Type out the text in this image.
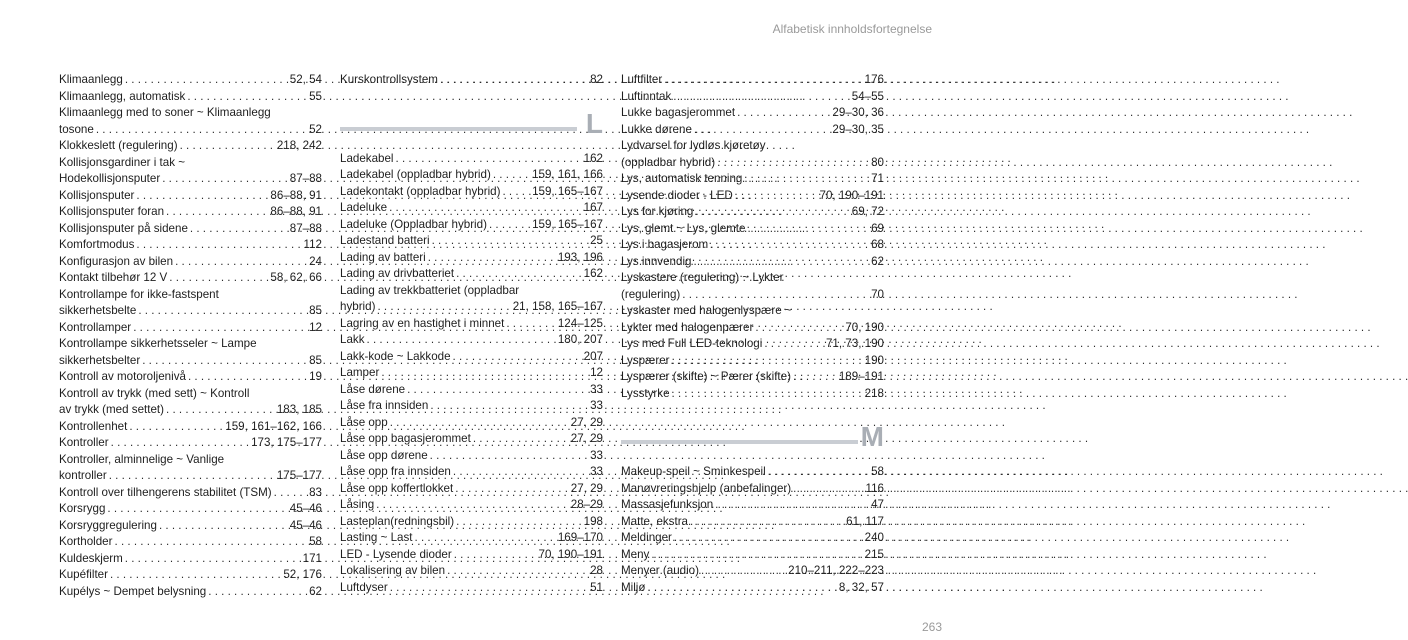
Alfabetisk innholdsfortegnelse
Klimaanlegg . . .	52, 54
Klimaanlegg, automatisk . . .	55
Klimaanlegg med to soner ~ Klimaanlegg
tosone . . .	52
Klokkeslett (regulering) . . .	218, 242
Kollisjonsgardiner i tak ~
Hodekollisjonsputer . . .	87–88
Kollisjonsputer . . .	86–88, 91
Kollisjonsputer foran . . .	86–88, 91
Kollisjonsputer på sidene . . .	87–88
Komfortmodus . . .	112
Konfigurasjon av bilen . . .	24
Kontakt tilbehør 12 V . . .	58, 62, 66
Kontrollampe for ikke-fastspent
sikkerhetsbelte . . .	85
Kontrollamper . . .	12
Kontrollampe sikkerhetsseler ~ Lampe
sikkerhetsbelter . . .	85
Kontroll av motoroljenivå . . .	19
Kontroll av trykk (med sett) ~ Kontroll
av trykk (med settet) . . .	183, 185
Kontrollenhet . . .	159, 161–162, 166
Kontroller . . .	173, 175–177
Kontroller, alminnelige ~ Vanlige
kontroller . . .	175–177
Kontroll over tilhengerens stabilitet (TSM) . . .	83
Korsrygg . . .	45–46
Korsryggregulering . . .	45–46
Kortholder . . .	58
Kuldeskjerm . . .	171
Kupéfilter . . .	52, 176
Kupélys ~ Dempet belysning . . .	62
Kurskontrollsystem . . .	82
L
Ladekabel . . .	162
Ladekabel (oppladbar hybrid) . . .	159, 161, 166
Ladekontakt (oppladbar hybrid) . . .	159, 165–167
Ladeluke . . .	167
Ladeluke (Oppladbar hybrid) . . .	159, 165–167
Ladestand batteri . . .	25
Lading av batteri . . .	193, 196
Lading av drivbatteriet . . .	162
Lading av trekkbatteriet (oppladbar
hybrid) . . .	21, 158, 165–167
Lagring av en hastighet i minnet . . .	124–125
Lakk . . .	180, 207
Lakk-kode ~ Lakkode . . .	207
Lamper . . .	12
Låse dørene . . .	33
Låse fra innsiden . . .	33
Låse opp . . .	27, 29
Låse opp bagasjerommet . . .	27, 29
Låse opp dørene . . .	33
Låse opp fra innsiden . . .	33
Låse opp koffertlokket . . .	27, 29
Låsing . . .	28–29
Lasteplan(redningsbil) . . .	198
Lasting ~ Last . . .	169–170
LED - Lysende dioder . . .	70, 190–191
Lokalisering av bilen . . .	28
Luftdyser . . .	51
Luftfilter . . .	176
Luftinntak . . .	54–55
Lukke bagasjerommet . . .	29–30, 36
Lukke dørene . . .	29–30, 35
Lydvarsel for lydløs kjøretøy
(oppladbar hybrid) . . .	80
Lys, automatisk tenning . . .	71
Lysende dioder - LED . . .	70, 190–191
Lys for kjøring . . .	69, 72
Lys, glemt ~ Lys, glemte . . .	69
Lys i bagasjerom . . .	68
Lys innvendig . . .	62
Lyskastere (regulering) ~ Lykter
(regulering) . . .	70
Lyskaster med halogenlyspære ~
Lykter med halogenpærer . . .	70, 190
Lys med Full LED-teknologi . . .	71, 73, 190
Lyspærer . . .	190
Lyspærer (skifte) ~ Pærer (skifte) . . .	189–191
Lysstyrke . . .	218
M
Makeup-speil ~ Sminkespeil . . .	58
Manøvreringshjelp (anbefalinger) . . .	116
Massasjefunksjon . . .	47
Matte, ekstra . . .	61, 117
Meldinger . . .	240
Meny . . .	215
Menyer (audio) . . .	210–211, 222–223
Miljø . . .	8, 32, 57
263
